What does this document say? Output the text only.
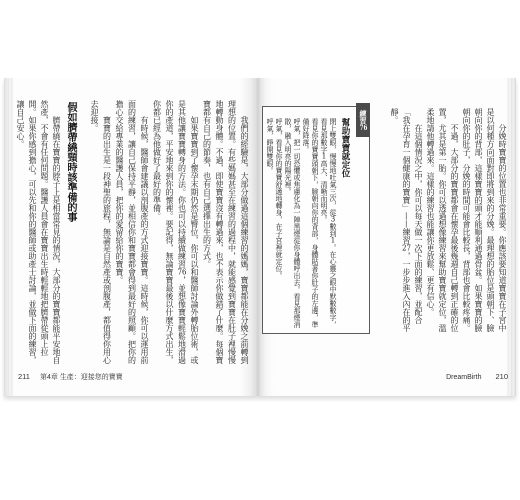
我們的經驗是，大部分做過這個練習的媽媽，寶寶都能在分娩之前轉到理想的位置。有些媽媽甚至在練習的過程中，就能感覺到寶寶在肚子裡慢慢地轉動身體。不過，即使寶寶沒有轉過來，也不表示你做錯了什麼。每個寶寶都有自己的節奏，也有自己選擇出生的方式。

如果寶寶到了懷孕末期仍然是臀位，你可以和醫師討論外轉胎位術，或是其他讓寶寶轉身的方法。你也可以持續做練習76，並想像寶寶輕鬆地滑過你的產道，平安地來到你的懷裡。要記得，無論寶寶最後以什麼方式出生，你都已經為他做好了最好的準備。

有時候，醫師會建議以剖腹產的方式迎接寶寶。這時候，你可以運用前面的練習，讓自己保持平靜，並相信你和寶寶都會得到最好的照顧。把你的擔心交給專業的醫護人員，把你的愛留給你的寶寶。

寶寶的出生是一段神聖的旅程，無論是自然產或剖腹產，都值得你用心去迎接。

假如臍帶繞頸時該準備的事

臍帶繞在寶寶的脖子上是相當常見的情況，大部分的寶寶都能平安地自然產，不會有任何問題。醫護人員會在寶寶出生時輕輕地把臍帶從頭上拉開。如果你感到擔心，可以先和你的醫師或助產士討論，並做下面的練習，讓自己安心。

211 第4章 生產：迎接您的寶寶

分娩時寶寶的位置也非常重要。你應該要知道寶寶在子宮中是以何種方向面對即將到來的分娩。最理想的胎位是頭朝下、臉朝向你的背部，這樣寶寶的頭才能順利通過骨盆。如果寶寶的臉朝向你的肚子，分娩的時間可能會比較長，背部也會比較疼痛。

不過，大部分的寶寶都會在懷孕最後幾週自己轉到正確的位置，尤其是第一胎。你可以透過想像練習來幫助寶寶就定位，溫柔地請他轉過來。這樣的練習也能讓你更放鬆、更有信心。

在這個情況之中，你可以每天做一次下面的練習，並配合「我在孕育一個健康的寶寶」——練習27，一步步進入內在的平靜。

練習76
幫助寶寶就定位

閉上雙眼，慢慢地吐氣三次，從3數到1。在心靈之眼中默數數字，看見那數字1高大、清晰而明亮。

看見你的寶寶頭朝下，臉朝向你的背部，身體貼著你肚子的左邊，準備好降落。

呼氣，把一切恐懼或焦慮化為一陣黑煙從你身體呼出去。看見那煙消散，融入明亮的陽光裡。

呼氣，看見你的寶寶舒適地轉身，在子宮裡就定位。

呼氣，睜開雙眼。

DreamBirth 210
